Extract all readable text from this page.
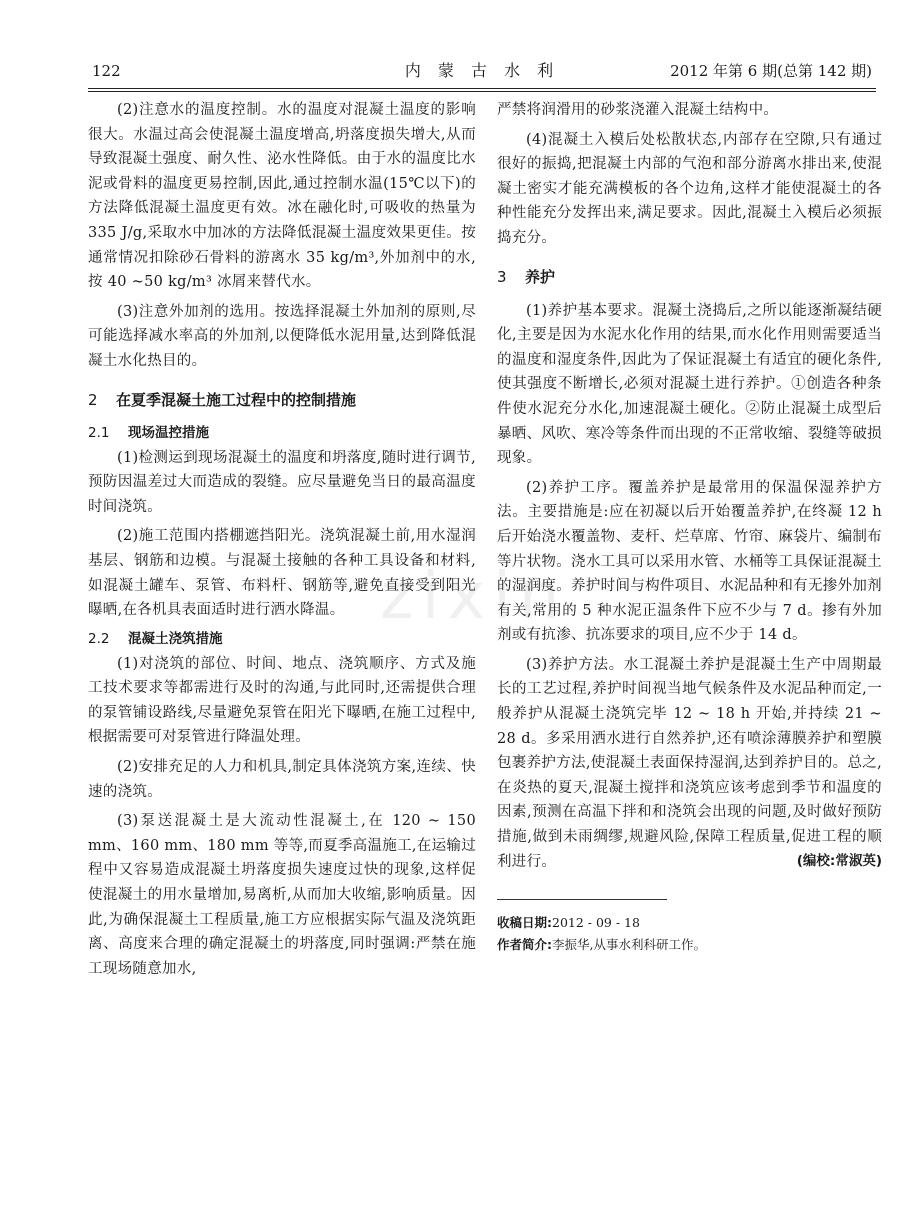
122	内 蒙 古 水 利	2012 年第 6 期(总第 142 期)
zixin

(2)注意水的温度控制。水的温度对混凝土温度的影响很大。水温过高会使混凝土温度增高,坍落度损失增大,从而导致混凝土强度、耐久性、泌水性降低。由于水的温度比水泥或骨料的温度更易控制,因此,通过控制水温(15℃以下)的方法降低混凝土温度更有效。冰在融化时,可吸收的热量为 335 J/g,采取水中加冰的方法降低混凝土温度效果更佳。按通常情况扣除砂石骨料的游离水 35 kg/m³,外加剂中的水,按 40 ~50 kg/m³ 冰屑来替代水。

(3)注意外加剂的选用。按选择混凝土外加剂的原则,尽可能选择减水率高的外加剂,以便降低水泥用量,达到降低混凝土水化热目的。

2 在夏季混凝土施工过程中的控制措施
2.1 现场温控措施

(1)检测运到现场混凝土的温度和坍落度,随时进行调节,预防因温差过大而造成的裂缝。应尽量避免当日的最高温度时间浇筑。

(2)施工范围内搭棚遮挡阳光。浇筑混凝土前,用水湿润基层、钢筋和边模。与混凝土接触的各种工具设备和材料,如混凝土罐车、泵管、布料杆、钢筋等,避免直接受到阳光曝晒,在各机具表面适时进行洒水降温。

2.2 混凝土浇筑措施

(1)对浇筑的部位、时间、地点、浇筑顺序、方式及施工技术要求等都需进行及时的沟通,与此同时,还需提供合理的泵管铺设路线,尽量避免泵管在阳光下曝晒,在施工过程中,根据需要可对泵管进行降温处理。

(2)安排充足的人力和机具,制定具体浇筑方案,连续、快速的浇筑。

(3)泵送混凝土是大流动性混凝土,在 120 ~ 150 mm、160 mm、180 mm 等等,而夏季高温施工,在运输过程中又容易造成混凝土坍落度损失速度过快的现象,这样促使混凝土的用水量增加,易离析,从而加大收缩,影响质量。因此,为确保混凝土工程质量,施工方应根据实际气温及浇筑距离、高度来合理的确定混凝土的坍落度,同时强调:严禁在施工现场随意加水,

严禁将润滑用的砂浆浇灌入混凝土结构中。

(4)混凝土入模后处松散状态,内部存在空隙,只有通过很好的振捣,把混凝土内部的气泡和部分游离水排出来,使混凝土密实才能充满模板的各个边角,这样才能使混凝土的各种性能充分发挥出来,满足要求。因此,混凝土入模后必须振捣充分。

3 养护

(1)养护基本要求。混凝土浇捣后,之所以能逐渐凝结硬化,主要是因为水泥水化作用的结果,而水化作用则需要适当的温度和湿度条件,因此为了保证混凝土有适宜的硬化条件,使其强度不断增长,必须对混凝土进行养护。①创造各种条件使水泥充分水化,加速混凝土硬化。②防止混凝土成型后暴晒、风吹、寒冷等条件而出现的不正常收缩、裂缝等破损现象。

(2)养护工序。覆盖养护是最常用的保温保湿养护方法。主要措施是:应在初凝以后开始覆盖养护,在终凝 12 h 后开始浇水覆盖物、麦杆、烂草席、竹帘、麻袋片、编制布等片状物。浇水工具可以采用水管、水桶等工具保证混凝土的湿润度。养护时间与构件项目、水泥品种和有无掺外加剂有关,常用的 5 种水泥正温条件下应不少与 7 d。掺有外加剂或有抗渗、抗冻要求的项目,应不少于 14 d。

(3)养护方法。水工混凝土养护是混凝土生产中周期最长的工艺过程,养护时间视当地气候条件及水泥品种而定,一般养护从混凝土浇筑完毕 12 ~ 18 h 开始,并持续 21 ~ 28 d。多采用洒水进行自然养护,还有喷涂薄膜养护和塑膜包裹养护方法,使混凝土表面保持湿润,达到养护目的。总之,在炎热的夏天,混凝土搅拌和浇筑应该考虑到季节和温度的因素,预测在高温下拌和和浇筑会出现的问题,及时做好预防措施,做到未雨绸缪,规避风险,保障工程质量,促进工程的顺利进行。	(编校:常淑英)

收稿日期:2012 - 09 - 18

作者简介:李振华,从事水利科研工作。
